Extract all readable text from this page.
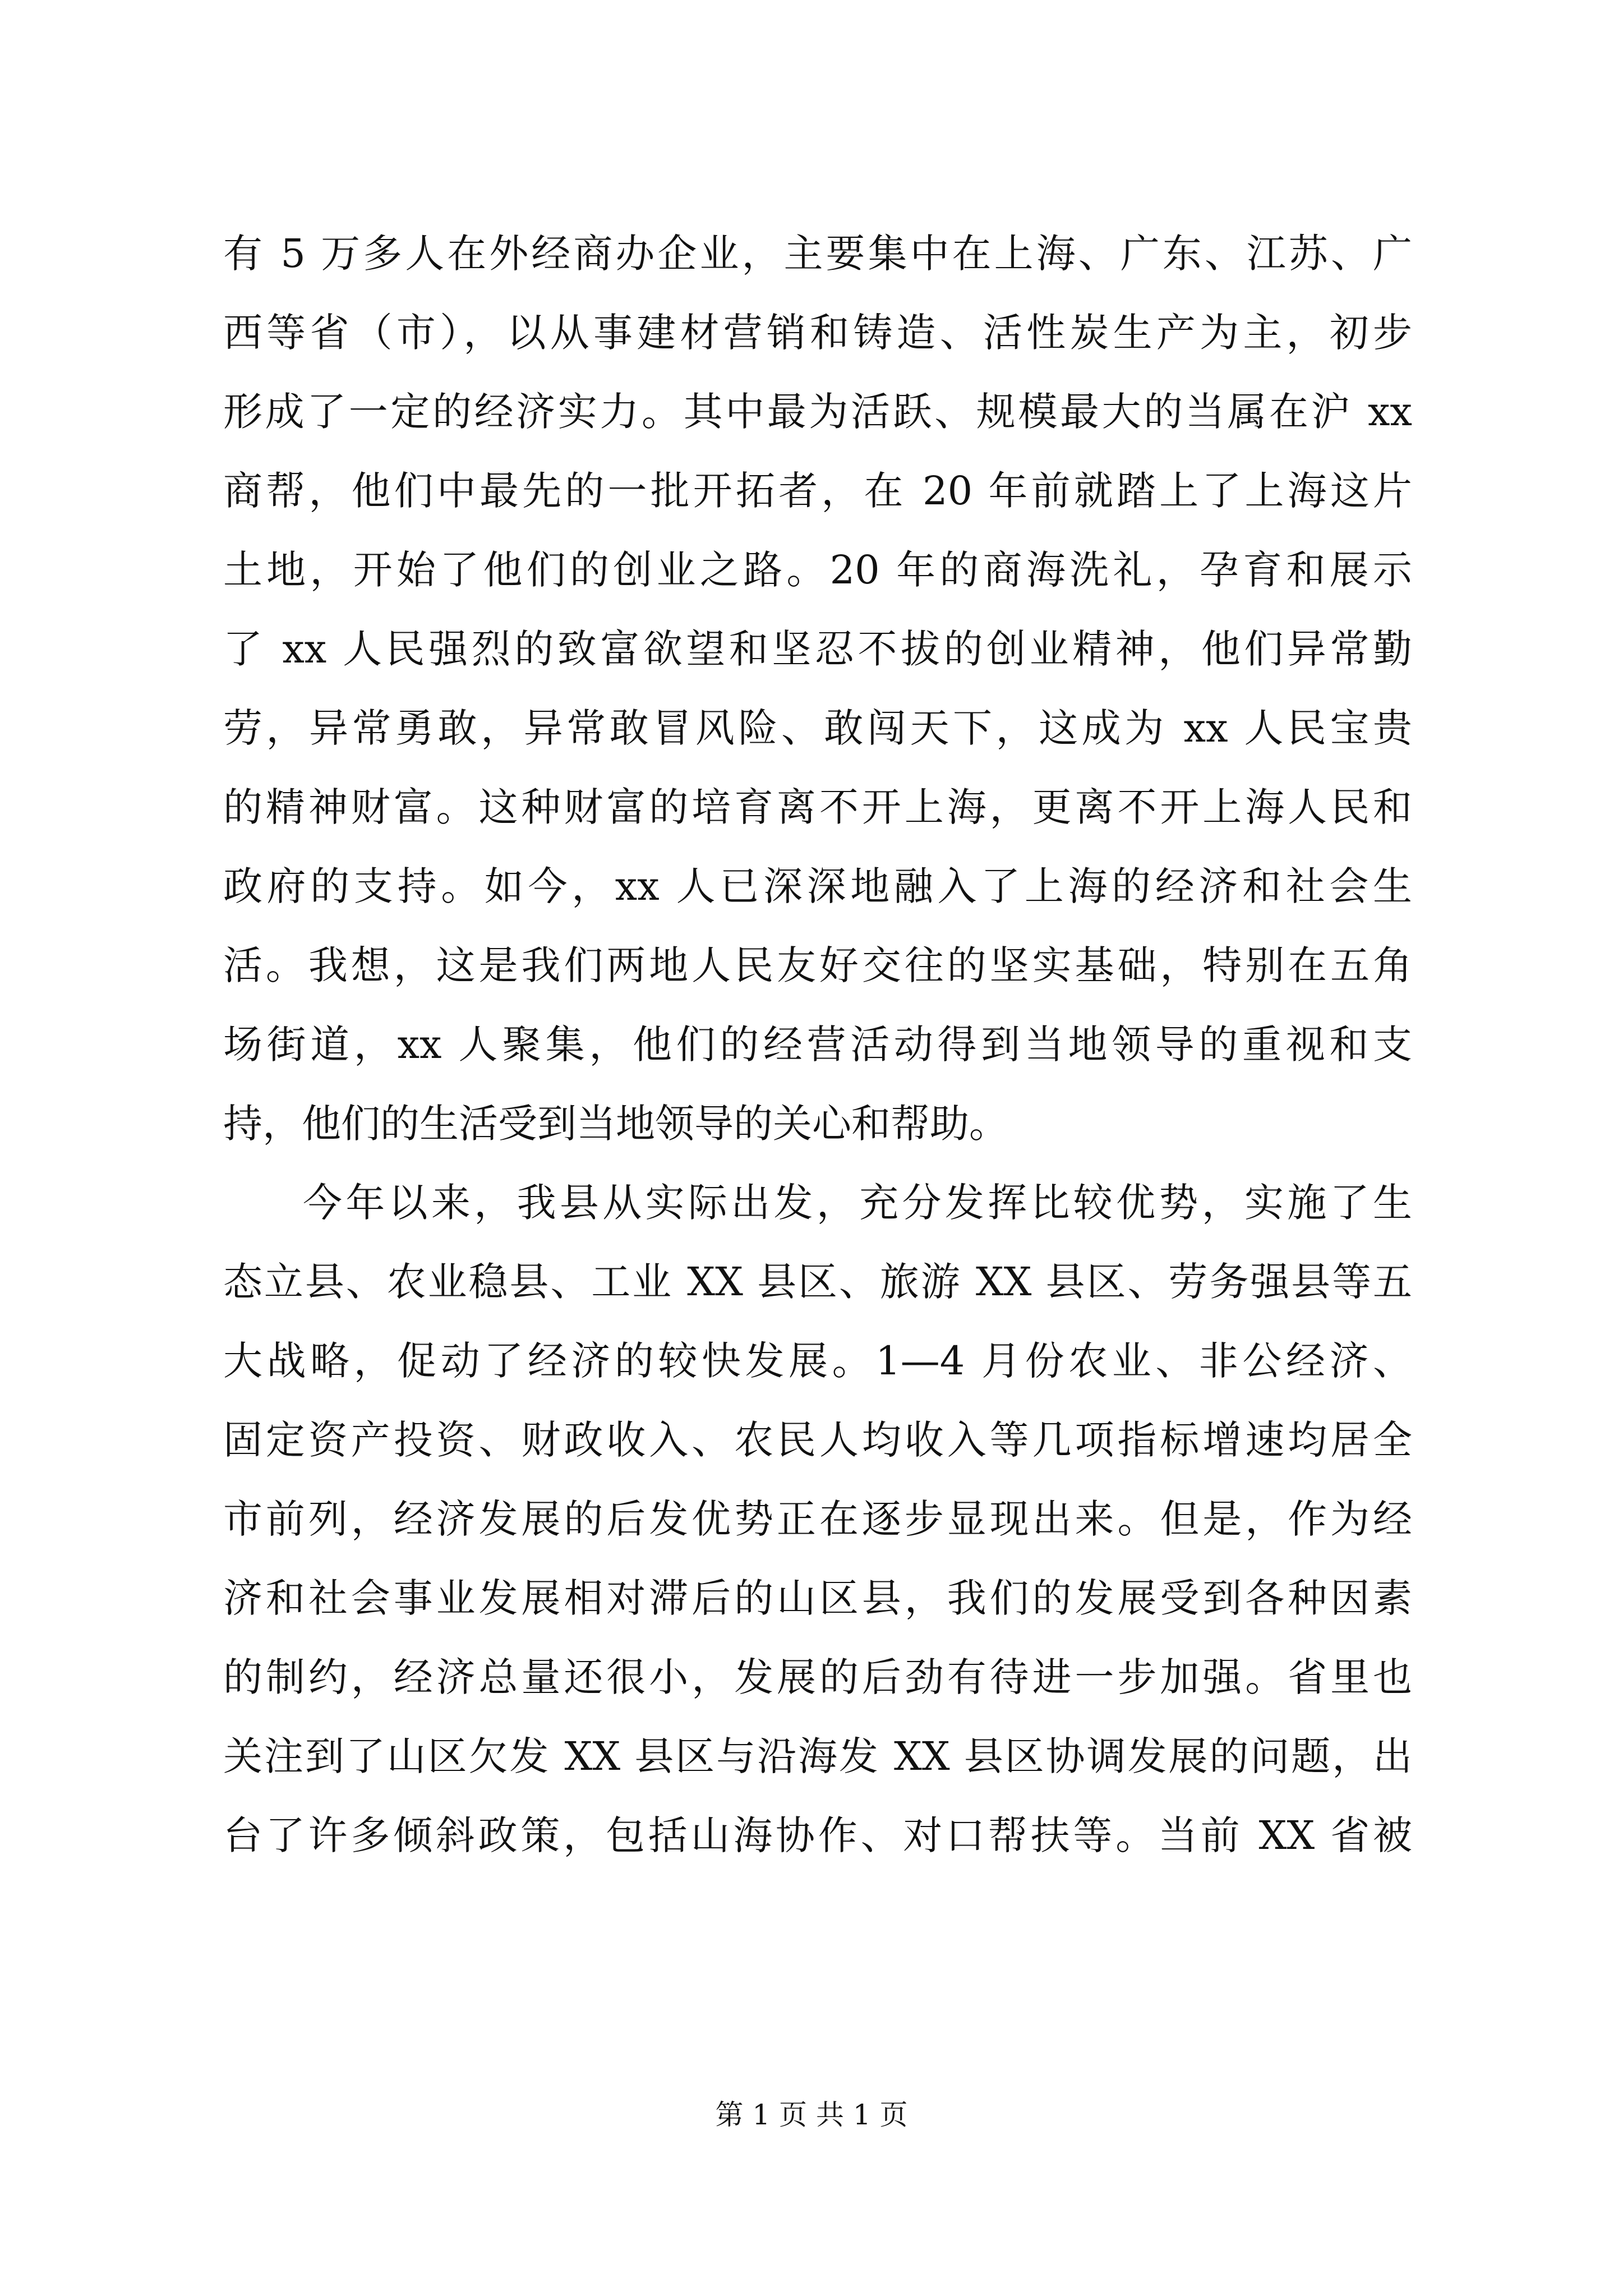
有 5 万多人在外经商办企业，主要集中在上海、广东、江苏、广

西等省（市），以从事建材营销和铸造、活性炭生产为主，初步

形成了一定的经济实力。其中最为活跃、规模最大的当属在沪 xx

商帮，他们中最先的一批开拓者，在 20 年前就踏上了上海这片

土地，开始了他们的创业之路。20 年的商海洗礼，孕育和展示

了 xx 人民强烈的致富欲望和坚忍不拔的创业精神，他们异常勤

劳，异常勇敢，异常敢冒风险、敢闯天下，这成为 xx 人民宝贵

的精神财富。这种财富的培育离不开上海，更离不开上海人民和

政府的支持。如今，xx 人已深深地融入了上海的经济和社会生

活。我想，这是我们两地人民友好交往的坚实基础，特别在五角

场街道，xx 人聚集，他们的经营活动得到当地领导的重视和支

持，他们的生活受到当地领导的关心和帮助。

今年以来，我县从实际出发，充分发挥比较优势，实施了生

态立县、农业稳县、工业 XX 县区、旅游 XX 县区、劳务强县等五

大战略，促动了经济的较快发展。1—4 月份农业、非公经济、

固定资产投资、财政收入、农民人均收入等几项指标增速均居全

市前列，经济发展的后发优势正在逐步显现出来。但是，作为经

济和社会事业发展相对滞后的山区县，我们的发展受到各种因素

的制约，经济总量还很小，发展的后劲有待进一步加强。省里也

关注到了山区欠发 XX 县区与沿海发 XX 县区协调发展的问题，出

台了许多倾斜政策，包括山海协作、对口帮扶等。当前 XX 省被

第 1 页 共 1 页
